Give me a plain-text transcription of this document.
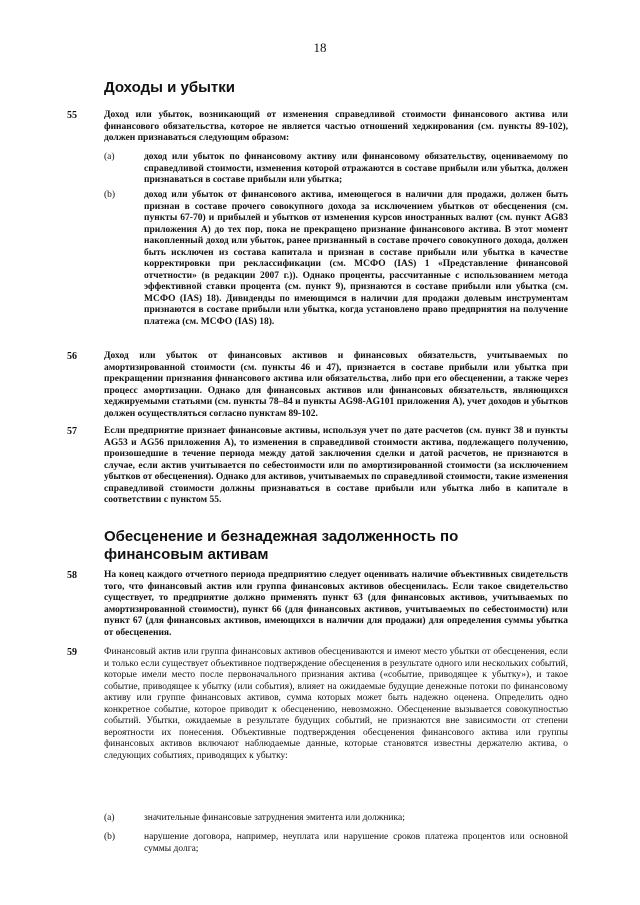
18
Доходы и убытки
55	Доход или убыток, возникающий от изменения справедливой стоимости финансового актива или финансового обязательства, которое не является частью отношений хеджирования (см. пункты 89-102), должен признаваться следующим образом:

(a)	доход или убыток по финансовому активу или финансовому обязательству, оцениваемому по справедливой стоимости, изменения которой отражаются в составе прибыли или убытка, должен признаваться в составе прибыли или убытка;

(b)	доход или убыток от финансового актива, имеющегося в наличии для продажи, должен быть признан в составе прочего совокупного дохода за исключением убытков от обесценения (см. пункты 67-70) и прибылей и убытков от изменения курсов иностранных валют (см. пункт AG83 приложения А) до тех пор, пока не прекращено признание финансового актива. В этот момент накопленный доход или убыток, ранее признанный в составе прочего совокупного дохода, должен быть исключен из состава капитала и признан в составе прибыли или убытка в качестве корректировки при реклассификации (см. МСФО (IAS) 1 «Представление финансовой отчетности» (в редакции 2007 г.)). Однако проценты, рассчитанные с использованием метода эффективной ставки процента (см. пункт 9), признаются в составе прибыли или убытка (см. МСФО (IAS) 18). Дивиденды по имеющимся в наличии для продажи долевым инструментам признаются в составе прибыли или убытка, когда установлено право предприятия на получение платежа (см. МСФО (IAS) 18).

56	Доход или убыток от финансовых активов и финансовых обязательств, учитываемых по амортизированной стоимости (см. пункты 46 и 47), признается в составе прибыли или убытка при прекращении признания финансового актива или обязательства, либо при его обесценении, а также через процесс амортизации. Однако для финансовых активов или финансовых обязательств, являющихся хеджируемыми статьями (см. пункты 78–84 и пункты AG98-AG101 приложения А), учет доходов и убытков должен осуществляться согласно пунктам 89-102.

57	Если предприятие признает финансовые активы, используя учет по дате расчетов (см. пункт 38 и пункты AG53 и AG56 приложения А), то изменения в справедливой стоимости актива, подлежащего получению, произошедшие в течение периода между датой заключения сделки и датой расчетов, не признаются в случае, если актив учитывается по себестоимости или по амортизированной стоимости (за исключением убытков от обесценения). Однако для активов, учитываемых по справедливой стоимости, такие изменения справедливой стоимости должны признаваться в составе прибыли или убытка либо в капитале в соответствии с пунктом 55.

Обесценение и безнадежная задолженность по финансовым активам
58	На конец каждого отчетного периода предприятию следует оценивать наличие объективных свидетельств того, что финансовый актив или группа финансовых активов обесценилась. Если такое свидетельство существует, то предприятие должно применять пункт 63 (для финансовых активов, учитываемых по амортизированной стоимости), пункт 66 (для финансовых активов, учитываемых по себестоимости) или пункт 67 (для финансовых активов, имеющихся в наличии для продажи) для определения суммы убытка от обесценения.

59	Финансовый актив или группа финансовых активов обесцениваются и имеют место убытки от обесценения, если и только если существует объективное подтверждение обесценения в результате одного или нескольких событий, которые имели место после первоначального признания актива («событие, приводящее к убытку»), и такое событие, приводящее к убытку (или события), влияет на ожидаемые будущие денежные потоки по финансовому активу или группе финансовых активов, сумма которых может быть надежно оценена. Определить одно конкретное событие, которое приводит к обесценению, невозможно. Обесценение вызывается совокупностью событий. Убытки, ожидаемые в результате будущих событий, не признаются вне зависимости от степени вероятности их понесения. Объективные подтверждения обесценения финансового актива или группы финансовых активов включают наблюдаемые данные, которые становятся известны держателю актива, о следующих событиях, приводящих к убытку:

(a)	значительные финансовые затруднения эмитента или должника;

(b)	нарушение договора, например, неуплата или нарушение сроков платежа процентов или основной суммы долга;
